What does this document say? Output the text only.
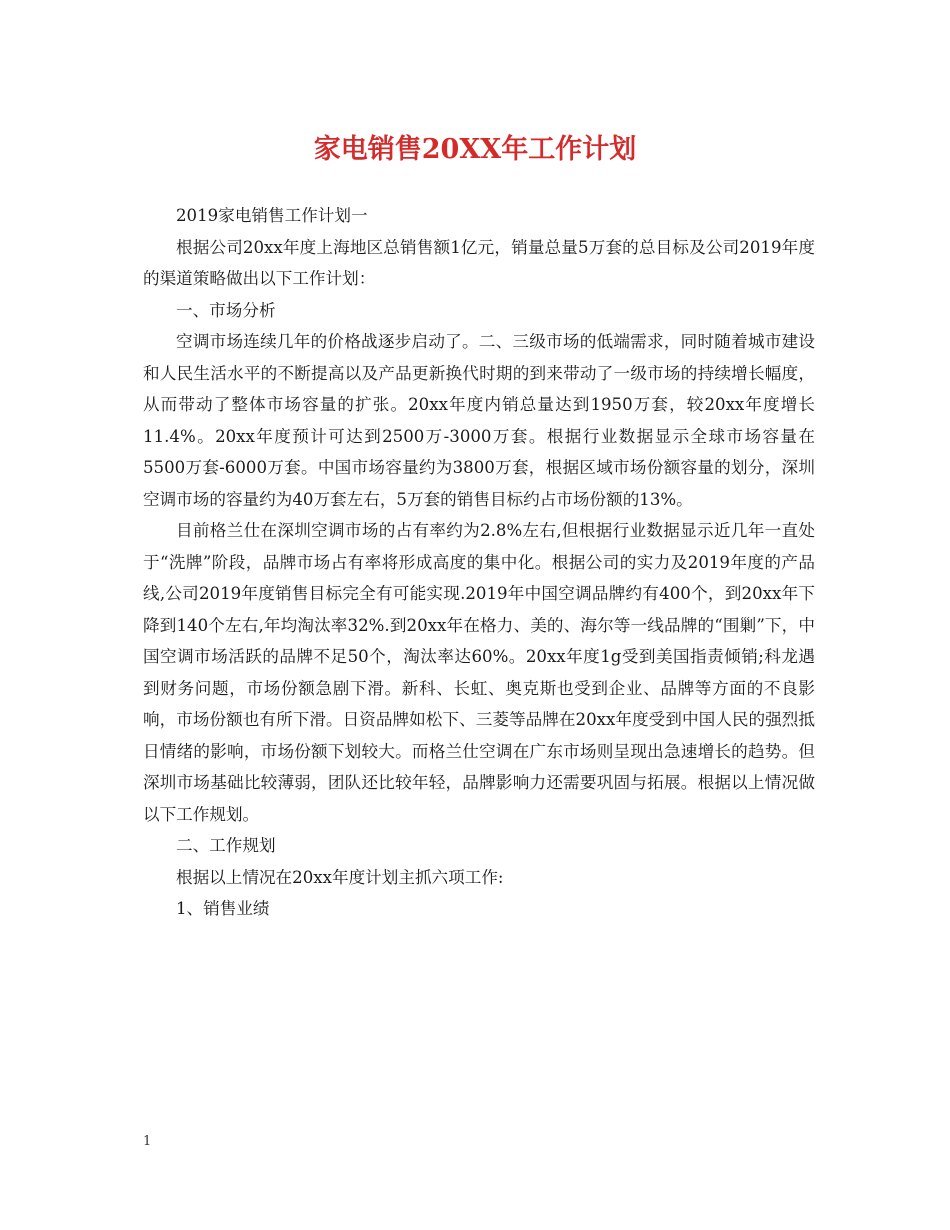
家电销售20XX年工作计划

2019家电销售工作计划一

根据公司20xx年度上海地区总销售额1亿元，销量总量5万套的总目标及公司2019年度的渠道策略做出以下工作计划：

一、市场分析

空调市场连续几年的价格战逐步启动了。二、三级市场的低端需求，同时随着城市建设和人民生活水平的不断提高以及产品更新换代时期的到来带动了一级市场的持续增长幅度，从而带动了整体市场容量的扩张。20xx年度内销总量达到1950万套，较20xx年度增长11.4%。20xx年度预计可达到2500万-3000万套。根据行业数据显示全球市场容量在5500万套-6000万套。中国市场容量约为3800万套，根据区域市场份额容量的划分，深圳空调市场的容量约为40万套左右，5万套的销售目标约占市场份额的13%。

目前格兰仕在深圳空调市场的占有率约为2.8%左右,但根据行业数据显示近几年一直处于“洗牌”阶段，品牌市场占有率将形成高度的集中化。根据公司的实力及2019年度的产品线,公司2019年度销售目标完全有可能实现.2019年中国空调品牌约有400个，到20xx年下降到140个左右,年均淘汰率32%.到20xx年在格力、美的、海尔等一线品牌的“围剿”下，中国空调市场活跃的品牌不足50个，淘汰率达60%。20xx年度1g受到美国指责倾销;科龙遇到财务问题，市场份额急剧下滑。新科、长虹、奥克斯也受到企业、品牌等方面的不良影响，市场份额也有所下滑。日资品牌如松下、三菱等品牌在20xx年度受到中国人民的强烈抵日情绪的影响，市场份额下划较大。而格兰仕空调在广东市场则呈现出急速增长的趋势。但深圳市场基础比较薄弱，团队还比较年轻，品牌影响力还需要巩固与拓展。根据以上情况做以下工作规划。

二、工作规划

根据以上情况在20xx年度计划主抓六项工作:

1、销售业绩

1
